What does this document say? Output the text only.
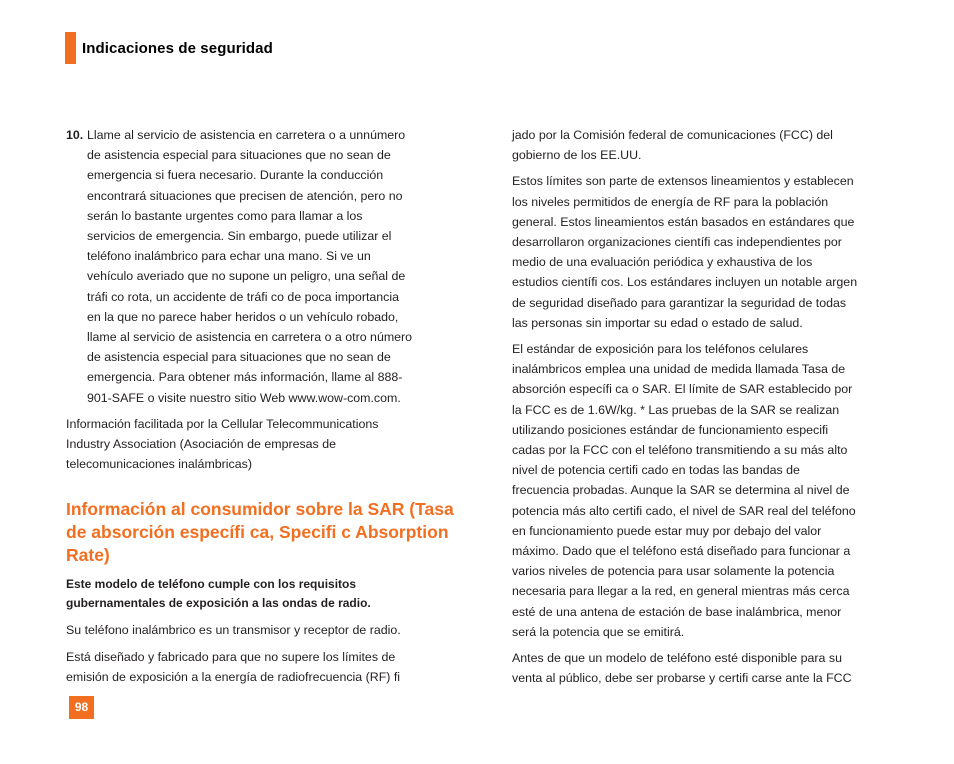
Indicaciones de seguridad
10. Llame al servicio de asistencia en carretera o a unnúmero
de asistencia especial para situaciones que no sean de
emergencia si fuera necesario. Durante la conducción
encontrará situaciones que precisen de atención, pero no
serán lo bastante urgentes como para llamar a los
servicios de emergencia. Sin embargo, puede utilizar el
teléfono inalámbrico para echar una mano. Si ve un
vehículo averiado que no supone un peligro, una señal de
tráfi co rota, un accidente de tráfi co de poca importancia
en la que no parece haber heridos o un vehículo robado,
llame al servicio de asistencia en carretera o a otro número
de asistencia especial para situaciones que no sean de
emergencia. Para obtener más información, llame al 888-
901-SAFE o visite nuestro sitio Web www.wow-com.com.

Información facilitada por la Cellular Telecommunications
Industry Association (Asociación de empresas de
telecomunicaciones inalámbricas)

Información al consumidor sobre la SAR (Tasa
de absorción específi ca, Specifi c Absorption
Rate)

Este modelo de teléfono cumple con los requisitos
gubernamentales de exposición a las ondas de radio.

Su teléfono inalámbrico es un transmisor y receptor de radio.

Está diseñado y fabricado para que no supere los límites de
emisión de exposición a la energía de radiofrecuencia (RF) fi

jado por la Comisión federal de comunicaciones (FCC) del
gobierno de los EE.UU.

Estos límites son parte de extensos lineamientos y establecen
los niveles permitidos de energía de RF para la población
general. Estos lineamientos están basados en estándares que
desarrollaron organizaciones científi cas independientes por
medio de una evaluación periódica y exhaustiva de los
estudios científi cos. Los estándares incluyen un notable argen
de seguridad diseñado para garantizar la seguridad de todas
las personas sin importar su edad o estado de salud.

El estándar de exposición para los teléfonos celulares
inalámbricos emplea una unidad de medida llamada Tasa de
absorción específi ca o SAR. El límite de SAR establecido por
la FCC es de 1.6W/kg. * Las pruebas de la SAR se realizan
utilizando posiciones estándar de funcionamiento especifi
cadas por la FCC con el teléfono transmitiendo a su más alto
nivel de potencia certifi cado en todas las bandas de
frecuencia probadas. Aunque la SAR se determina al nivel de
potencia más alto certifi cado, el nivel de SAR real del teléfono
en funcionamiento puede estar muy por debajo del valor
máximo. Dado que el teléfono está diseñado para funcionar a
varios niveles de potencia para usar solamente la potencia
necesaria para llegar a la red, en general mientras más cerca
esté de una antena de estación de base inalámbrica, menor
será la potencia que se emitirá.

Antes de que un modelo de teléfono esté disponible para su
venta al público, debe ser probarse y certifi carse ante la FCC

98
